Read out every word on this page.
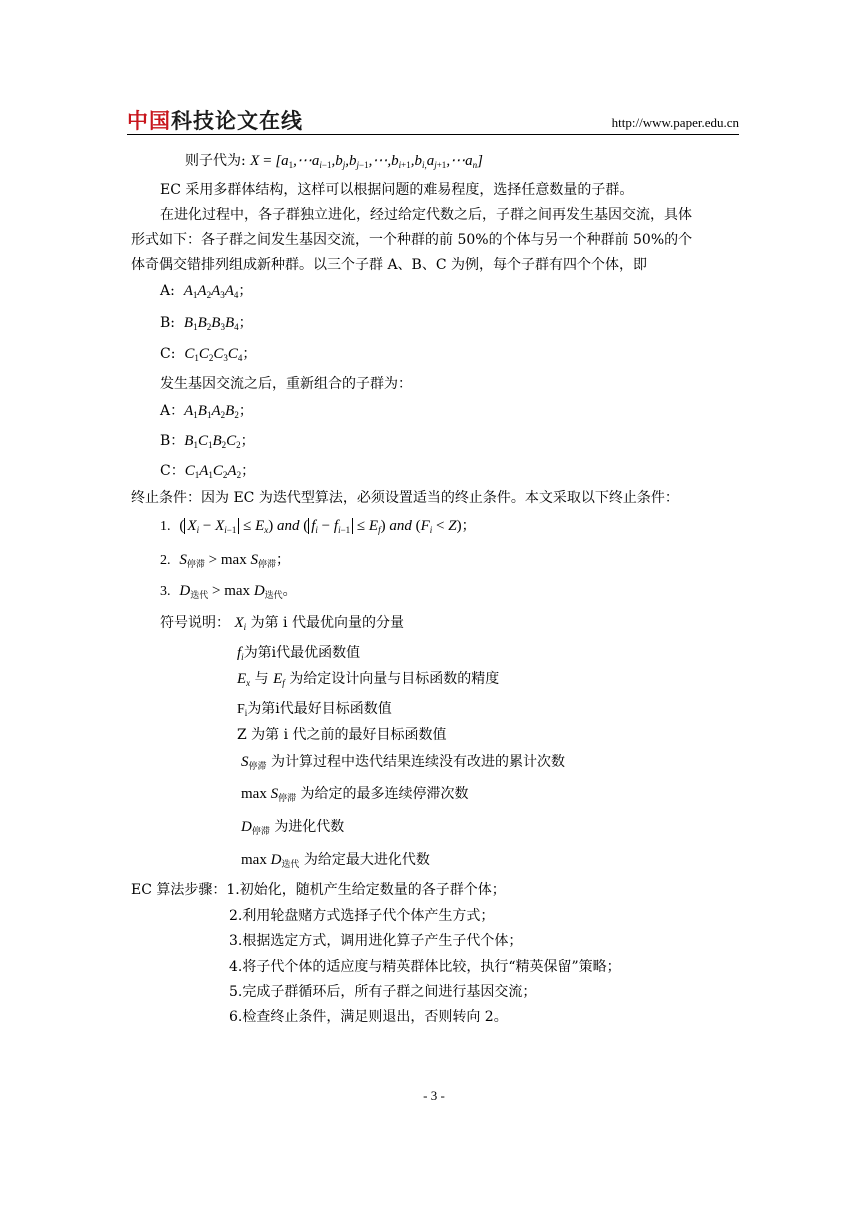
中国科技论文在线	http://www.paper.edu.cn
则子代为: $X = [a_1,\cdots a_{i-1},b_j,b_{j-1},\cdots,b_{i+1},b_{i,}a_{j+1},\cdots a_n]$
EC 采用多群体结构，这样可以根据问题的难易程度，选择任意数量的子群。
在进化过程中，各子群独立进化，经过给定代数之后，子群之间再发生基因交流，具体
形式如下：各子群之间发生基因交流，一个种群的前 50%的个体与另一个种群前 50%的个
体奇偶交错排列组成新种群。以三个子群 A、B、C 为例，每个子群有四个个体，即
A: $A_1A_2A_3A_4$；
B: $B_1B_2B_3B_4$；
C: $C_1C_2C_3C_4$；
发生基因交流之后，重新组合的子群为：
A：$A_1B_1A_2B_2$；
B：$B_1C_1B_2C_2$；
C：$C_1A_1C_2A_2$；
终止条件：因为 EC 为迭代型算法，必须设置适当的终止条件。本文采取以下终止条件：
1. ( $X_i - X_{i-1} \le E_x$) and ( $f_i - f_{i-1} \le E_f$) and $(F_i < Z)$；
2. $S_{停滞} > \max S_{停滞}$；
3. $D_{迭代} > \max D_{迭代}$。
符号说明： $X_i$ 为第 i 代最优向量的分量
$f_i$为第i代最优函数值
$E_x$ 与 $E_f$ 为给定设计向量与目标函数的精度
$F_i$为第i代最好目标函数值
Z 为第 i 代之前的最好目标函数值
$S_{停滞}$ 为计算过程中迭代结果连续没有改进的累计次数
$\max S_{停滞}$ 为给定的最多连续停滞次数
$D_{停滞}$ 为进化代数
$\max D_{迭代}$ 为给定最大进化代数
EC 算法步骤：1.初始化，随机产生给定数量的各子群个体；
2.利用轮盘赌方式选择子代个体产生方式；
3.根据选定方式，调用进化算子产生子代个体；
4.将子代个体的适应度与精英群体比较，执行“精英保留”策略；
5.完成子群循环后，所有子群之间进行基因交流；
6.检查终止条件，满足则退出，否则转向 2。
- 3 -
